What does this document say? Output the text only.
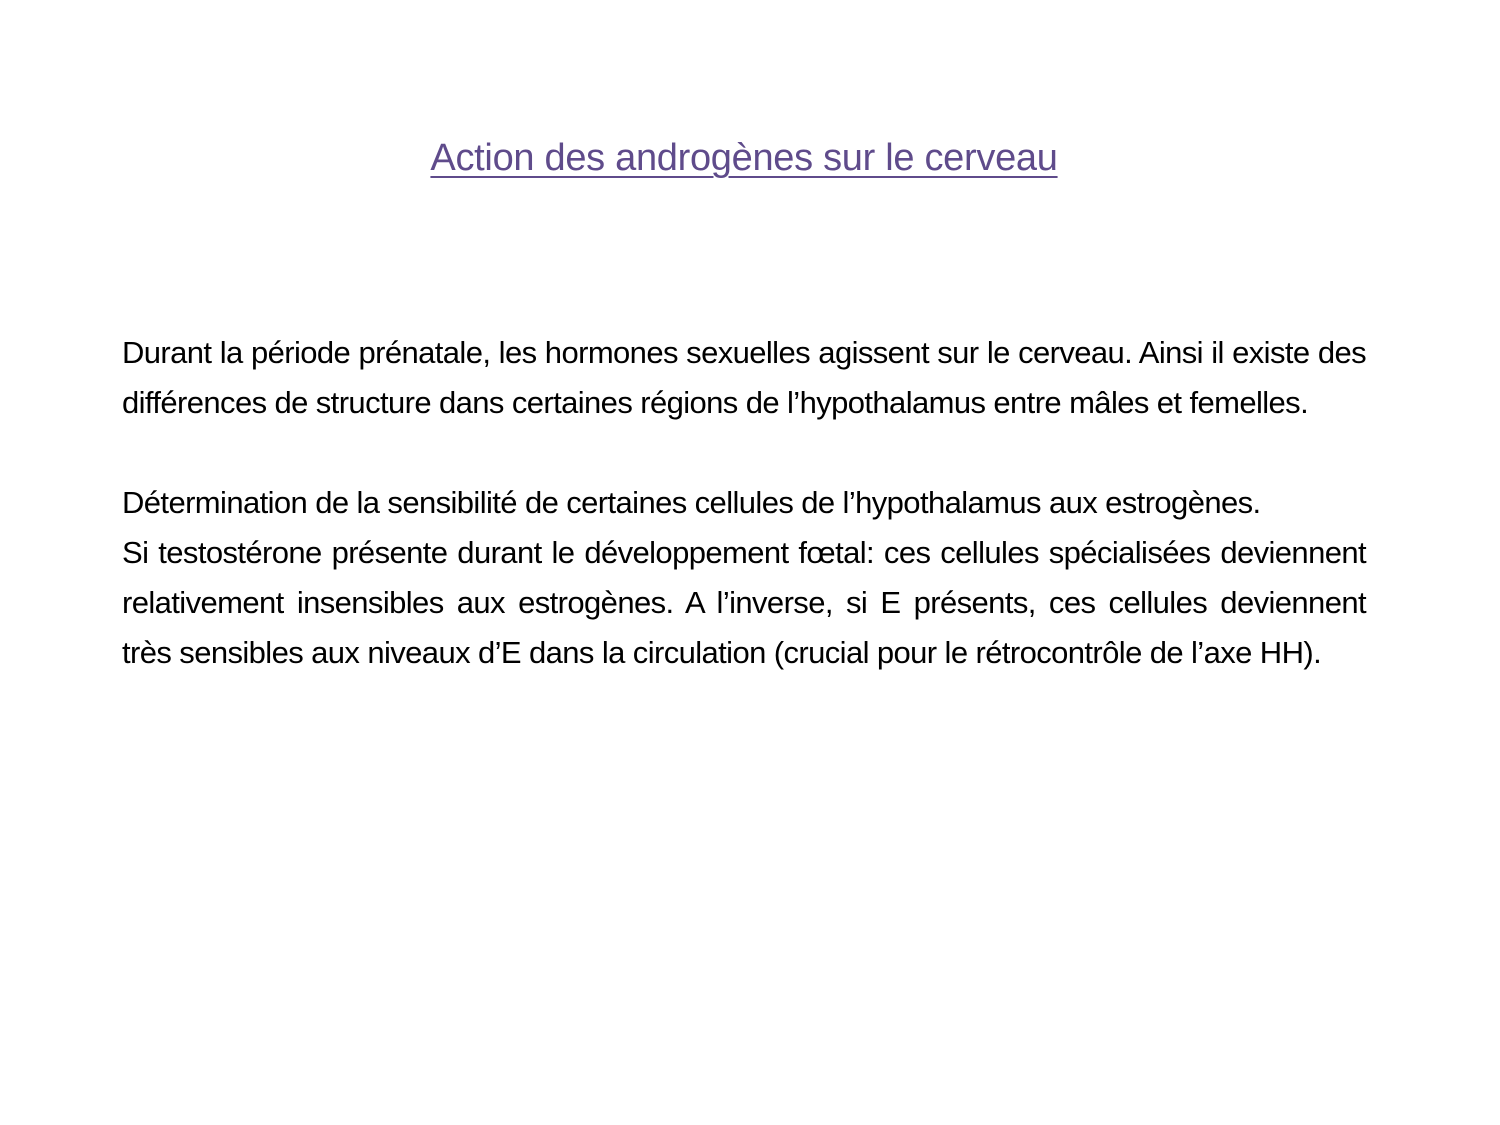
Action des androgènes sur le cerveau

Durant la période prénatale, les hormones sexuelles agissent sur le cerveau. Ainsi il existe des différences de structure dans certaines régions de l’hypothalamus entre mâles et femelles.

Détermination de la sensibilité de certaines cellules de l’hypothalamus aux estrogènes.

Si testostérone présente durant le développement fœtal: ces cellules spécialisées deviennent relativement insensibles aux estrogènes. A l’inverse, si E présents, ces cellules deviennent très sensibles aux niveaux d’E dans la circulation (crucial pour le rétrocontrôle de l’axe HH).
